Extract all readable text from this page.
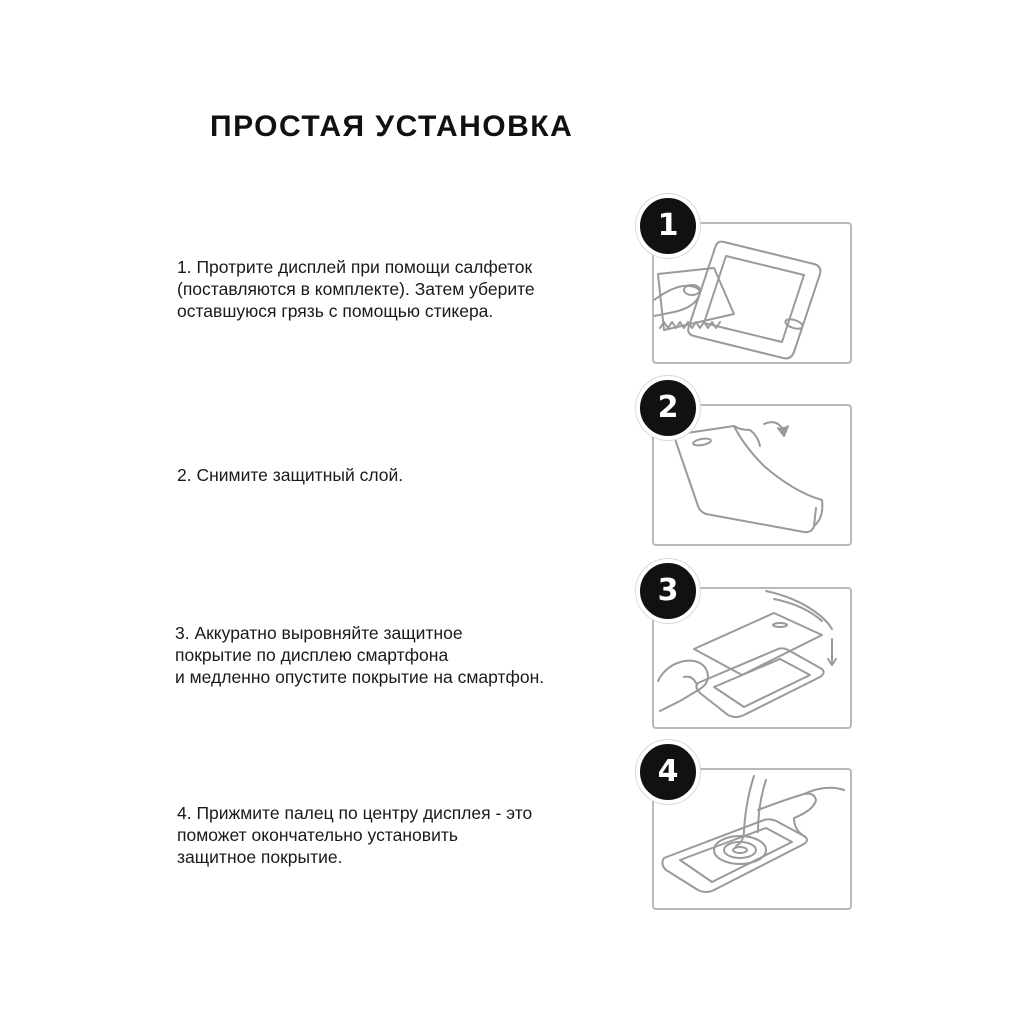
ПРОСТАЯ УСТАНОВКА
1. Протрите дисплей при помощи салфеток
(поставляются в комплекте). Затем уберите
оставшуюся грязь с помощью стикера.
1
2. Снимите защитный слой.
2
3. Аккуратно выровняйте защитное
покрытие по дисплею смартфона
и медленно опустите покрытие на смартфон.
3
4. Прижмите палец по центру дисплея - это
поможет окончательно установить
защитное покрытие.
4
